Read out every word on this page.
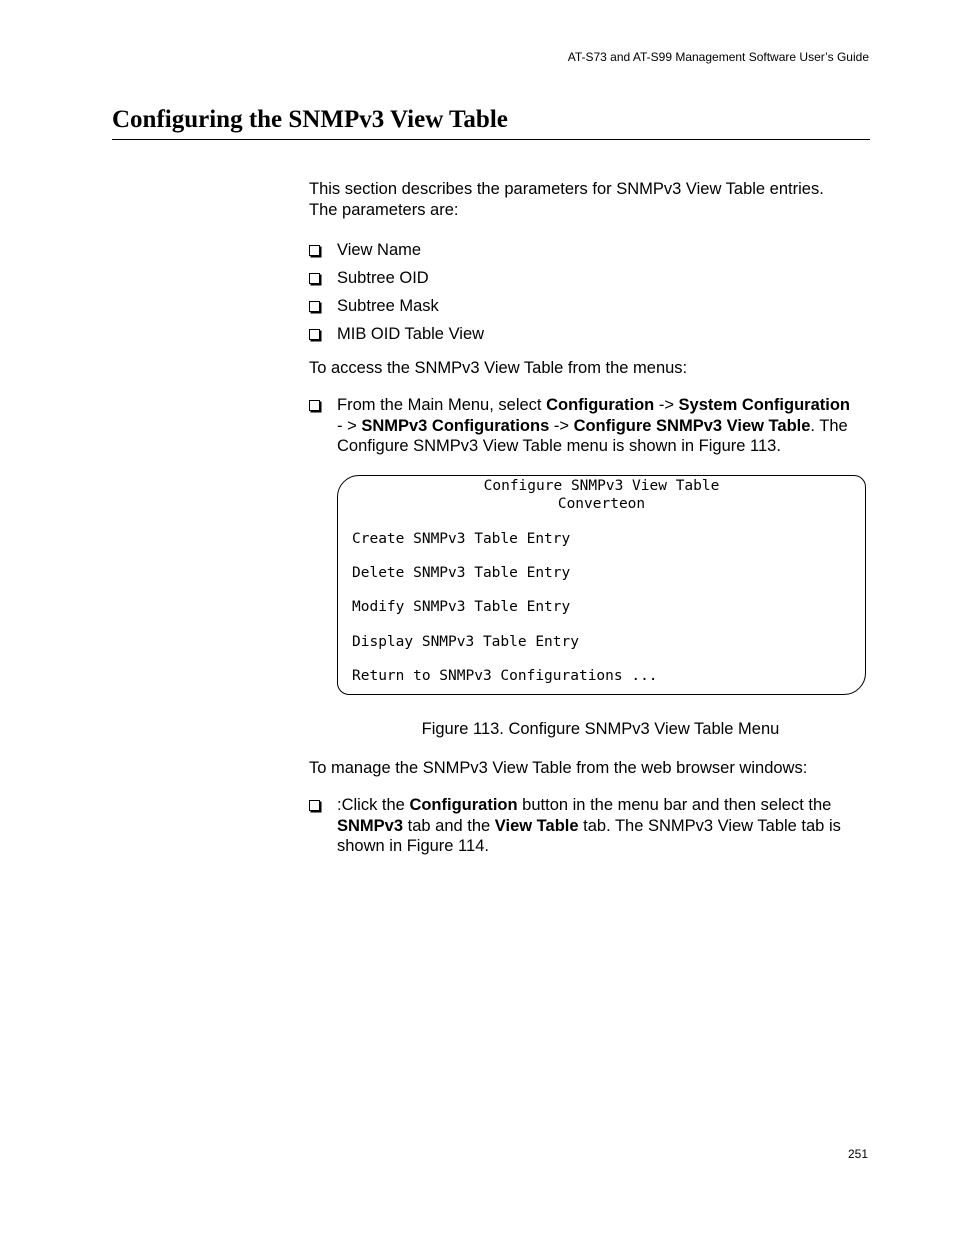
AT-S73 and AT-S99 Management Software User’s Guide
Configuring the SNMPv3 View Table

This section describes the parameters for SNMPv3 View Table entries.
The parameters are:

View Name
Subtree OID
Subtree Mask
MIB OID Table View
To access the SNMPv3 View Table from the menus:
From the Main Menu, select Configuration -> System Configuration
- > SNMPv3 Configurations -> Configure SNMPv3 View Table. The
Configure SNMPv3 View Table menu is shown in Figure 113.
Configure SNMPv3 View Table
Converteon
Create SNMPv3 Table Entry
Delete SNMPv3 Table Entry
Modify SNMPv3 Table Entry
Display SNMPv3 Table Entry
Return to SNMPv3 Configurations ...
Figure 113. Configure SNMPv3 View Table Menu
To manage the SNMPv3 View Table from the web browser windows:
:Click the Configuration button in the menu bar and then select the
SNMPv3 tab and the View Table tab. The SNMPv3 View Table tab is
shown in Figure 114.
251
